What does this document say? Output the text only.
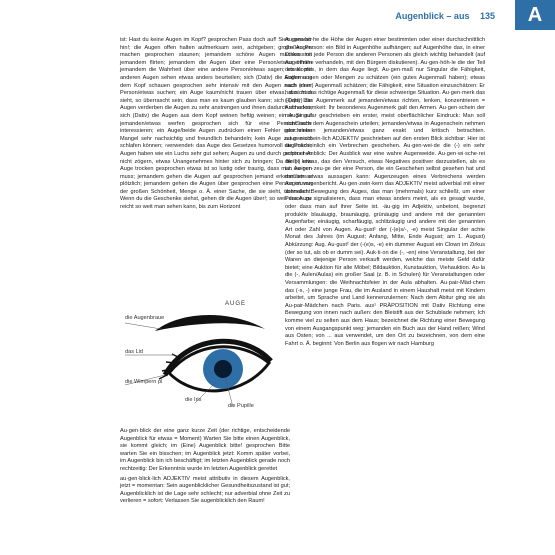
Augenblick – aus 135	A

ist: Hast du keine Augen im Kopf? gesprochen Pass doch auf! Sieh genauer hin!; die Augen offen halten aufmerksam sein, achtgeben; große Augen machen gesprochen staunen; jemandem schöne Augen machen mit jemandem flirten; jemandem die Augen über eine Person/etwas öffnen jemandem die Wahrheit über eine andere Person/etwas sagen; etwas mit anderen Augen sehen etwas anders beurteilen; sich (Dativ) die Augen aus dem Kopf schauen gesprochen sehr intensiv mit den Augen nach einer Person/etwas suchen; ein Auge kaum/nicht trauen über etwas, das man sieht, so überrascht sein, dass man es kaum glauben kann; sich (Dativ) die Augen verderben die Augen zu sehr anstrengen und ihnen dadurch schaden; sich (Dativ) die Augen aus dem Kopf weinen heftig weinen; ein Auge auf jemanden/etwas werfen gesprochen sich für eine Person/Sache interessieren; ein Auge/beide Augen zudrücken einen Fehler oder einen Mangel sehr nachsichtig und freundlich behandeln; kein Auge zutun nicht schlafen können; ›verwendet‹ das Auge des Gesetzes humorvoll die Polizei; Augen haben wie ein Luchs sehr gut sehen; Augen zu und durch gesprochen nicht zögern, etwas Unangenehmes hinter sich zu bringen; Da bleibt kein Auge trocken gesprochen etwas ist so lustig oder traurig, dass man weinen muss; jemandem gehen die Augen auf gesprochen jemand erkennt etwas plötzlich; jemandem gehen die Augen über gesprochen eine Person ist von der großen Schönheit, Menge o. Ä. einer Sache, die sie sieht, überrascht: Wenn du die Geschenke siehst, gehen dir die Augen über!; so weit das Auge reicht so weit man sehen kann, bis zum Horizont

AUGE
die Augenbraue
das Lid
die Wimpern pl
die Iris
die Pupille

Au·gen·blick der eine ganz kurze Zeit (der richtige, entscheidende Augenblick für etwas = Moment) Warten Sie bitte einen Augenblick, sie kommt gleich; im (Eine) Augenblick bitte! gesprochen Bitte warten Sie ein bisschen; im Augenblick jetzt: Komm später vorbei, im Augenblick bin ich beschäftigt; im letzten Augenblick gerade noch rechtzeitig: Der Erkenntnis wurde im letzten Augenblick gerettet

au·gen·blick·lich ADJEKTIV meist attributiv in diesem Augenblick, jetzt = momentan: Sein augenblicklicher Gesundheitszustand ist gut; Augenblicklich ist die Lage sehr schlecht; nur adverbial ohne Zeit zu verlieren = sofort: Verlassen Sie augenblicklich den Raum!

Au·gen·hö·he die Höhe der Augen einer bestimmten oder einer durchschnittlich großen Person: ein Bild in Augenhöhe aufhängen; auf Augenhöhe das, in einer Diskussion jede Person die anderen Personen als gleich wichtig behandelt (auf Augenhöhe verhandeln, mit den Bürgern diskutieren). Au·gen·höh·le die der Teil des Kopfes, in dem das Auge liegt. Au·gen·maß nur Singular die Fähigkeit, Entfernungen oder Mengen zu schätzen (ein gutes Augenmaß haben); etwas nach (dem) Augenmaß schätzen; die Fähigkeit, eine Situation einzuschätzen: Er hat nicht das richtige Augenmaß für diese schwierige Situation. Au·gen·merk das (-(e)s) Das Augenmerk auf jemanden/etwas richten, lenken, konzentrieren = Aufmerksamkeit: Ihr besonderes Augenmerk galt den Armen. Au·gen·schein der nur Singular geschrieben ein erster, meist oberflächlicher Eindruck: Man soll nicht nach dem Augenschein urteilen; jemanden/etwas in Augenschein nehmen geschrieben jemanden/etwas ganz exakt und kritisch betrachten. au·gen·schein·lich ADJEKTIV geschrieben auf den ersten Blick sichtbar: Hier ist augenscheinlich ein Verbrechen geschehen. Au·gen·wei·de die (-) ein sehr schöner Anblick: Der Ausblick war eine wahre Augenweide. Au·gen·wi·sche·rei die (-) etwas, das den Versuch, etwas Negatives positiver darzustellen, als es ist. Au·gen·zeu·ge der eine Person, die ein Geschehen selbst gesehen hat und darüber etwas aussagen kann: Augenzeugen eines Verbrechens werden Augenzeugenbericht. Au·gen·zwin·kern das ADJEKTIV meist adverbial mit einer schnellen Bewegung des Auges, das man (mehrmals) kurz schließt, um einer Person zu signalisieren, dass man etwas anders meint, als es gesagt wurde, oder dass man auf ihrer Seite ist. -äu·gig im Adjektiv, unbetont, begrenzt produktiv blauäugig, braunäugig, grünäugig und andere mit der genannten Augenfarbe; einäugig, scharfäugig, schlitzäugig und andere mit der genannten Art oder Zahl von Augen. Au·gust¹ der (-(e)s/-, -e) meist Singular der achte Monat des Jahres (im August; Anfang, Mitte, Ende August; am 1. August) Abkürzung: Aug. Au·gust² der (-(e)s, -e) ein dummer August ein Clown im Zirkus (der so tut, als ob er dumm sei). Auk·ti·on die (-, -en) eine Veranstaltung, bei der Waren an diejenige Person verkauft werden, welche das meiste Geld dafür bietet; eine Auktion für alte Möbel; Bildauktion, Kunstauktion, Viehauktion. Au·la die (-, Aulen/Aulas) ein großer Saal (z. B. in Schulen) für Veranstaltungen oder Versammlungen: die Weihnachtsfeier in der Aula abhalten. Au·pair-Mäd·chen das (-s, -) eine junge Frau, die im Ausland in einem Haushalt meist mit Kindern arbeitet, um Sprache und Land kennenzulernen: Nach dem Abitur ging sie als Au-pair-Mädchen nach Paris. aus¹ PRÄPOSITION mit Dativ Richtung eine Bewegung von innen nach außen: den Bleistift aus der Schublade nehmen; Ich komme viel zu selten aus dem Haus; bezeichnet die Richtung einer Bewegung von einem Ausgangspunkt weg: jemanden ein Buch aus der Hand reißen; Wind aus Osten; von ... aus verwendet, um den Ort zu bezeichnen, von dem eine Fahrt o. Ä. beginnt: Von Berlin aus flogen wir nach Hamburg
